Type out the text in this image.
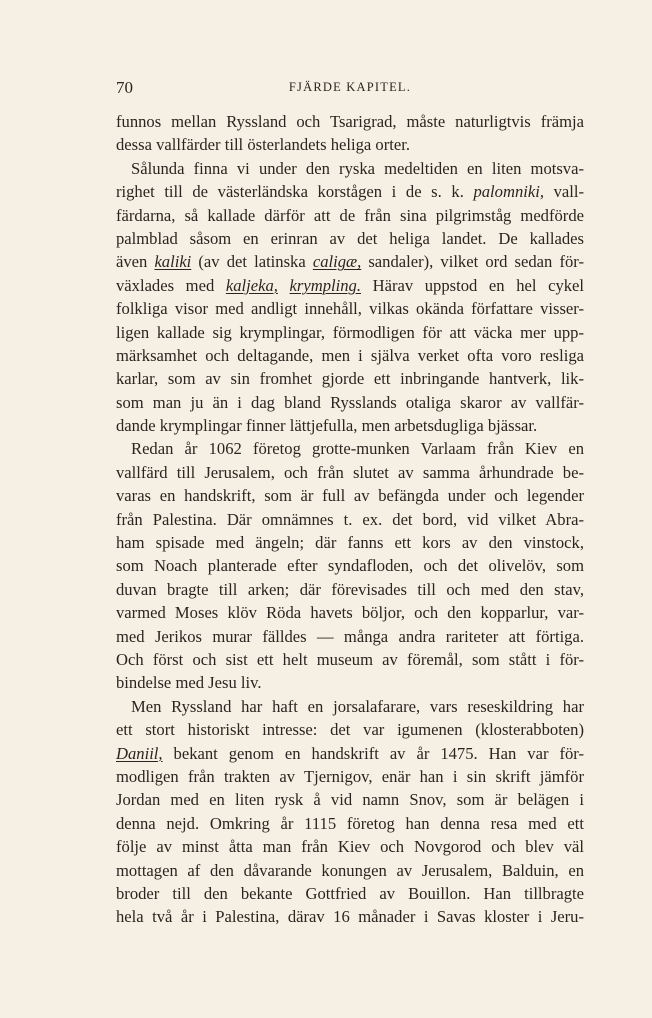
70	FJÄRDE KAPITEL.
funnos mellan Ryssland och Tsarigrad, måste naturligtvis främja
dessa vallfärder till österlandets heliga orter.
Sålunda finna vi under den ryska medeltiden en liten motsva-
righet till de västerländska korstågen i de s. k. palomniki, vall-
färdarna, så kallade därför att de från sina pilgrimståg medförde
palmblad såsom en erinran av det heliga landet. De kallades
även kaliki (av det latinska caligæ, sandaler), vilket ord sedan för-
växlades med kaljeka, krympling. Härav uppstod en hel cykel
folkliga visor med andligt innehåll, vilkas okända författare visser-
ligen kallade sig krymplingar, förmodligen för att väcka mer upp-
märksamhet och deltagande, men i själva verket ofta voro resliga
karlar, som av sin fromhet gjorde ett inbringande hantverk, lik-
som man ju än i dag bland Rysslands otaliga skaror av vallfär-
dande krymplingar finner lättjefulla, men arbetsdugliga bjässar.
Redan år 1062 företog grotte-munken Varlaam från Kiev en
vallfärd till Jerusalem, och från slutet av samma århundrade be-
varas en handskrift, som är full av befängda under och legender
från Palestina. Där omnämnes t. ex. det bord, vid vilket Abra-
ham spisade med ängeln; där fanns ett kors av den vinstock,
som Noach planterade efter syndafloden, och det olivelöv, som
duvan bragte till arken; där förevisades till och med den stav,
varmed Moses klöv Röda havets böljor, och den kopparlur, var-
med Jerikos murar fälldes — många andra rariteter att förtiga.
Och först och sist ett helt museum av föremål, som stått i för-
bindelse med Jesu liv.
Men Ryssland har haft en jorsalafarare, vars reseskildring har
ett stort historiskt intresse: det var igumenen (klosterabboten)
Daniil, bekant genom en handskrift av år 1475. Han var för-
modligen från trakten av Tjernigov, enär han i sin skrift jämför
Jordan med en liten rysk å vid namn Snov, som är belägen i
denna nejd. Omkring år 1115 företog han denna resa med ett
följe av minst åtta man från Kiev och Novgorod och blev väl
mottagen af den dåvarande konungen av Jerusalem, Balduin, en
broder till den bekante Gottfried av Bouillon. Han tillbragte
hela två år i Palestina, därav 16 månader i Savas kloster i Jeru-
